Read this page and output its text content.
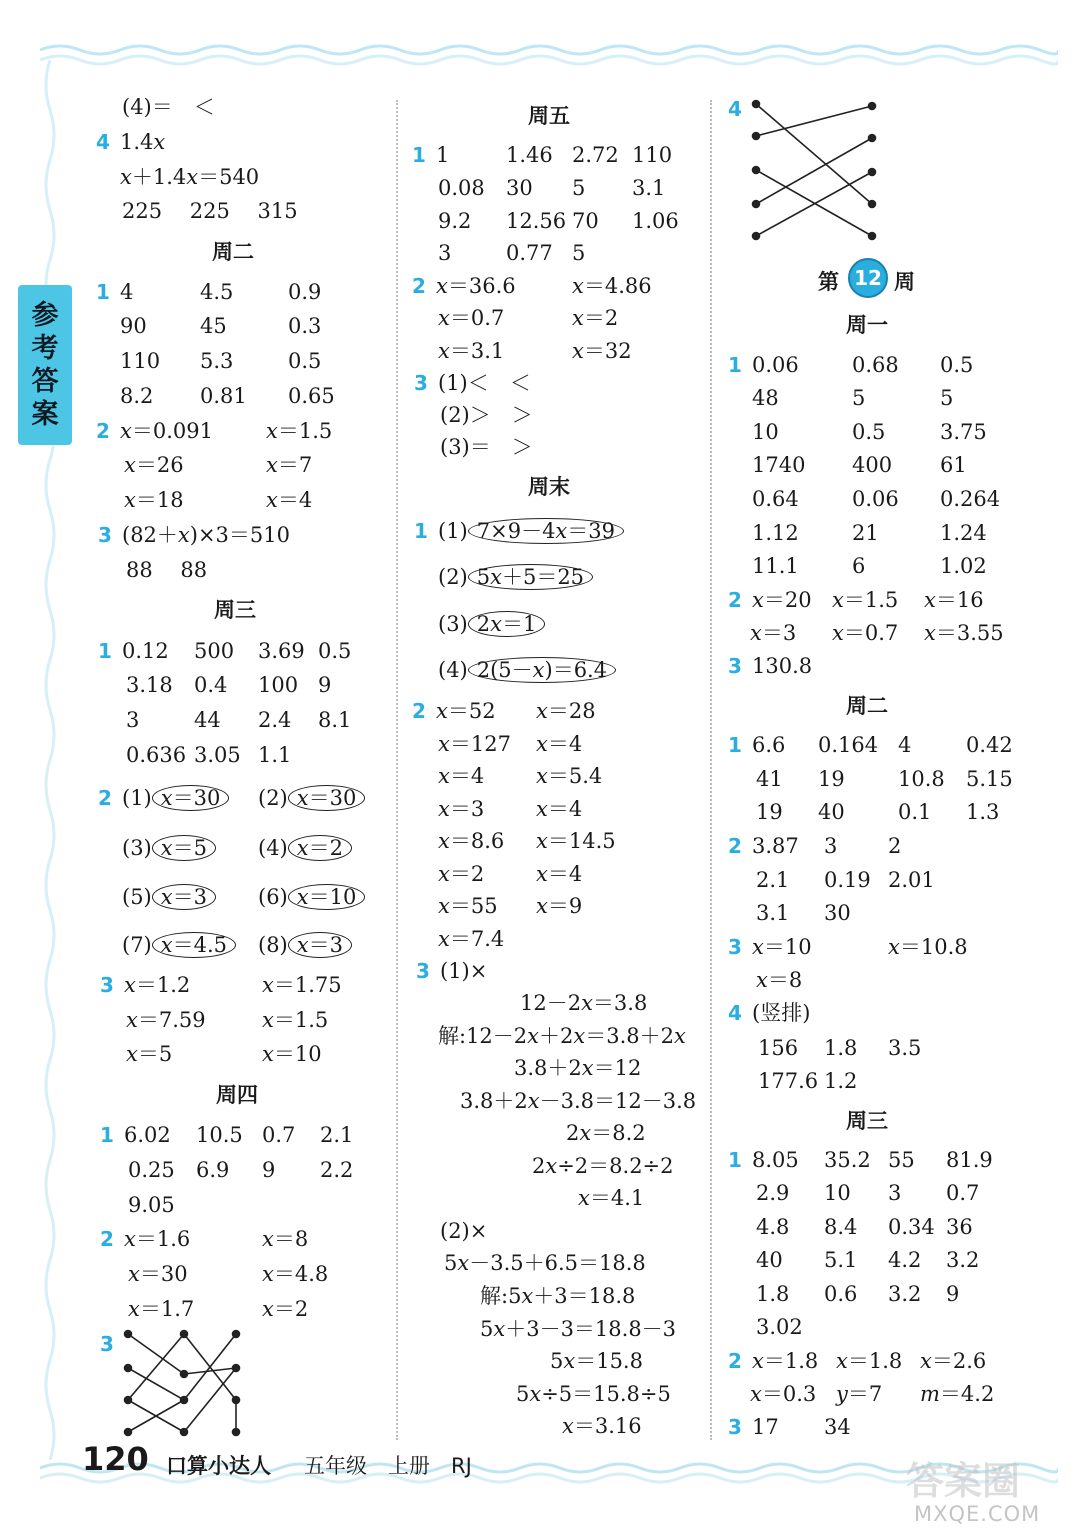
参
考
答
案
(4)＝　＜
4 1.4𝑥
𝑥＋1.4𝑥＝540
225　 225　 315
周二
1 4	4.5	0.9
90	45	0.3
110 5.3	0.5
8.2 0.81 0.65
2 𝑥＝0.091	𝑥＝1.5
𝑥＝26	𝑥＝7
𝑥＝18	𝑥＝4
3 (82＋𝑥)×3＝510
88　 88
周三
1 0.12 500 3.69 0.5
3.18 0.4 100 9
3	44 2.4 8.1
0.636 3.05 1.1
3 𝑥＝1.2	𝑥＝1.75
𝑥＝7.59	𝑥＝1.5
𝑥＝5	𝑥＝10
周四
1 6.02 10.5 0.7 2.1
0.25 6.9 9 2.2
9.05
2 𝑥＝1.6	𝑥＝8
𝑥＝30	𝑥＝4.8
𝑥＝1.7	𝑥＝2
3
2 (1) 𝑥＝30	(2) 𝑥＝30
(3) 𝑥＝5	(4) 𝑥＝2
(5) 𝑥＝3	(6) 𝑥＝10
(7) 𝑥＝4.5	(8) 𝑥＝3
周五
1 1	1.46 2.72 110
0.08 30 5 3.1
9.2 12.56 70 1.06
3	0.77 5
2 𝑥＝36.6	𝑥＝4.86
𝑥＝0.7	𝑥＝2
𝑥＝3.1	𝑥＝32
3 (1)＜　＜
(2)＞　＞
(3)＝　＞
周末
2 𝑥＝52 𝑥＝28
𝑥＝127 𝑥＝4
𝑥＝4 𝑥＝5.4
𝑥＝3 𝑥＝4
𝑥＝8.6 𝑥＝14.5
𝑥＝2 𝑥＝4
𝑥＝55 𝑥＝9
𝑥＝7.4
3 (1)×
12－2𝑥＝3.8
解:12－2𝑥＋2𝑥＝3.8＋2𝑥
3.8＋2𝑥＝12
3.8＋2𝑥－3.8＝12－3.8
2𝑥＝8.2
2𝑥÷2＝8.2÷2
𝑥＝4.1
(2)×
5𝑥－3.5＋6.5＝18.8
解:5𝑥＋3＝18.8
5𝑥＋3－3＝18.8－3
5𝑥＝15.8
5𝑥÷5＝15.8÷5
𝑥＝3.16
1 (1) 7×9－4𝑥＝39
(2) 5𝑥＋5＝25
(3) 2𝑥＝1
(4) 2(5－𝑥)＝6.4
4
周一
1 0.06	0.68 0.5
48	5	5
10	0.5	3.75
1740 400 61
0.64	0.06 0.264
1.12	21	1.24
11.1	6	1.02
2 𝑥＝20 𝑥＝1.5 𝑥＝16
𝑥＝3 𝑥＝0.7 𝑥＝3.55
3 130.8
周二
1 6.6 0.164 4	0.42
41 19	10.8 5.15
19 40	0.1 1.3
2 3.87 3 2
2.1 0.19 2.01
3.1 30
3 𝑥＝10	𝑥＝10.8
𝑥＝8
4 (竖排)
156 1.8 3.5
177.6 1.2
周三
1 8.05 35.2 55 81.9
2.9 10 3 0.7
4.8 8.4 0.34 36
40 5.1 4.2 3.2
1.8 0.6 3.2 9
3.02
2 𝑥＝1.8 𝑥＝1.8 𝑥＝2.6
𝑥＝0.3 𝑦＝7 𝑚＝4.2
3 17 34
第 12 周
120 口算小达人 五年级　上册　RJ	答案圈
MXQE.COM
